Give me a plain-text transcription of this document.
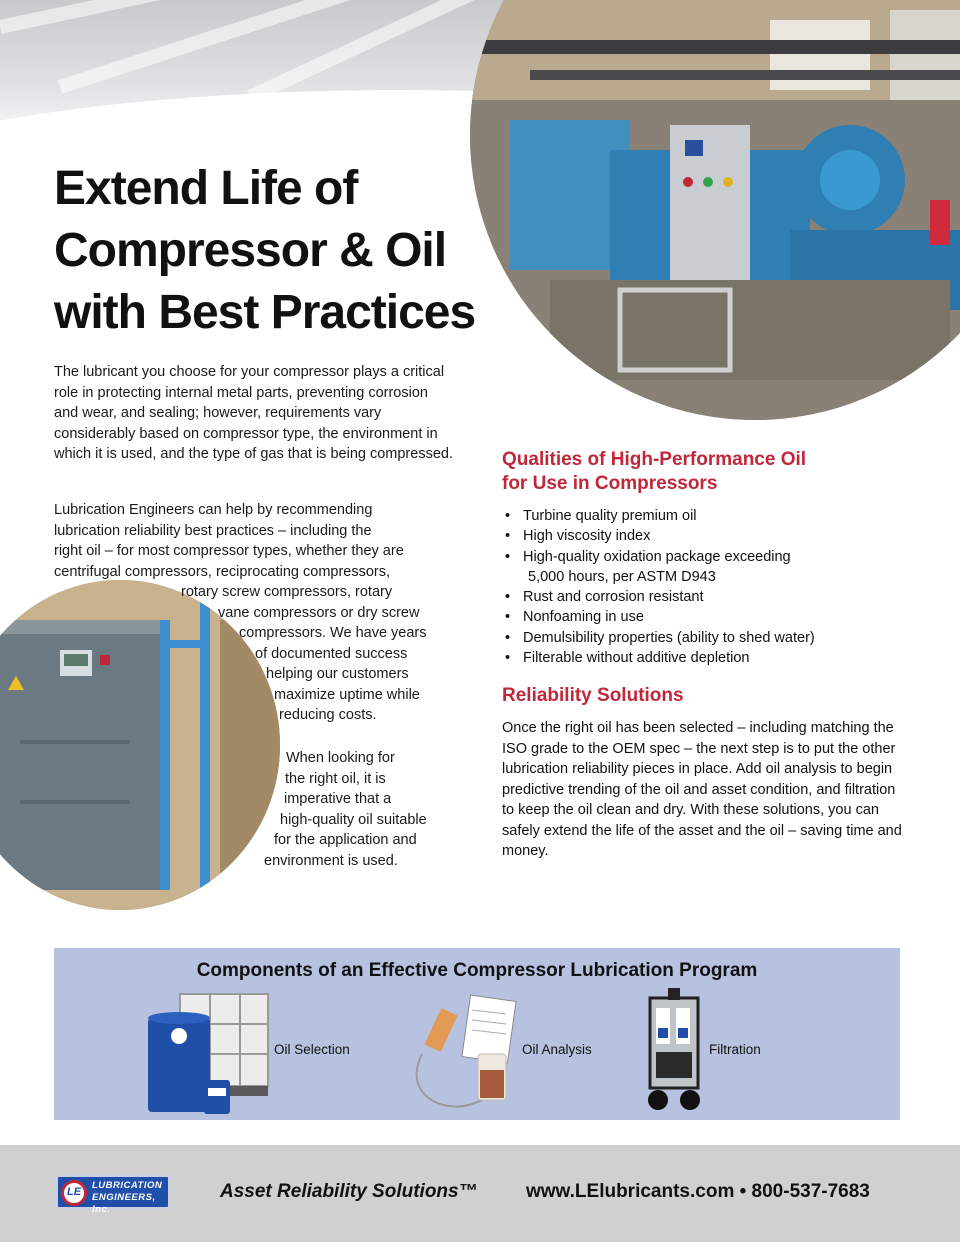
Extend Life of
Compressor & Oil
with Best Practices

The lubricant you choose for your compressor plays a critical role in protecting internal metal parts, preventing corrosion and wear, and sealing; however, requirements vary considerably based on compressor type, the environment in which it is used, and the type of gas that is being compressed.

Lubrication Engineers can help by recommending
lubrication reliability best practices – including the
right oil – for most compressor types, whether they are
centrifugal compressors, reciprocating compressors,
rotary screw compressors, rotary
vane compressors or dry screw
compressors. We have years
of documented success
helping our customers
maximize uptime while
reducing costs.
When looking for
the right oil, it is
imperative that a
high-quality oil suitable
for the application and
environment is used.
Qualities of High-Performance Oil
for Use in Compressors
• Turbine quality premium oil
• High viscosity index
• High-quality oxidation package exceeding
5,000 hours, per ASTM D943
• Rust and corrosion resistant
• Nonfoaming in use
• Demulsibility properties (ability to shed water)
• Filterable without additive depletion
Reliability Solutions

Once the right oil has been selected – including matching the ISO grade to the OEM spec – the next step is to put the other lubrication reliability pieces in place. Add oil analysis to begin predictive trending of the oil and asset condition, and filtration to keep the oil clean and dry. With these solutions, you can safely extend the life of the asset and the oil – saving time and money.

Components of an Effective Compressor Lubrication Program
Oil Selection	Oil Analysis	Filtration
LE
LUBRICATION
ENGINEERS, Inc.
Asset Reliability Solutions™	www.LElubricants.com • 800-537-7683
